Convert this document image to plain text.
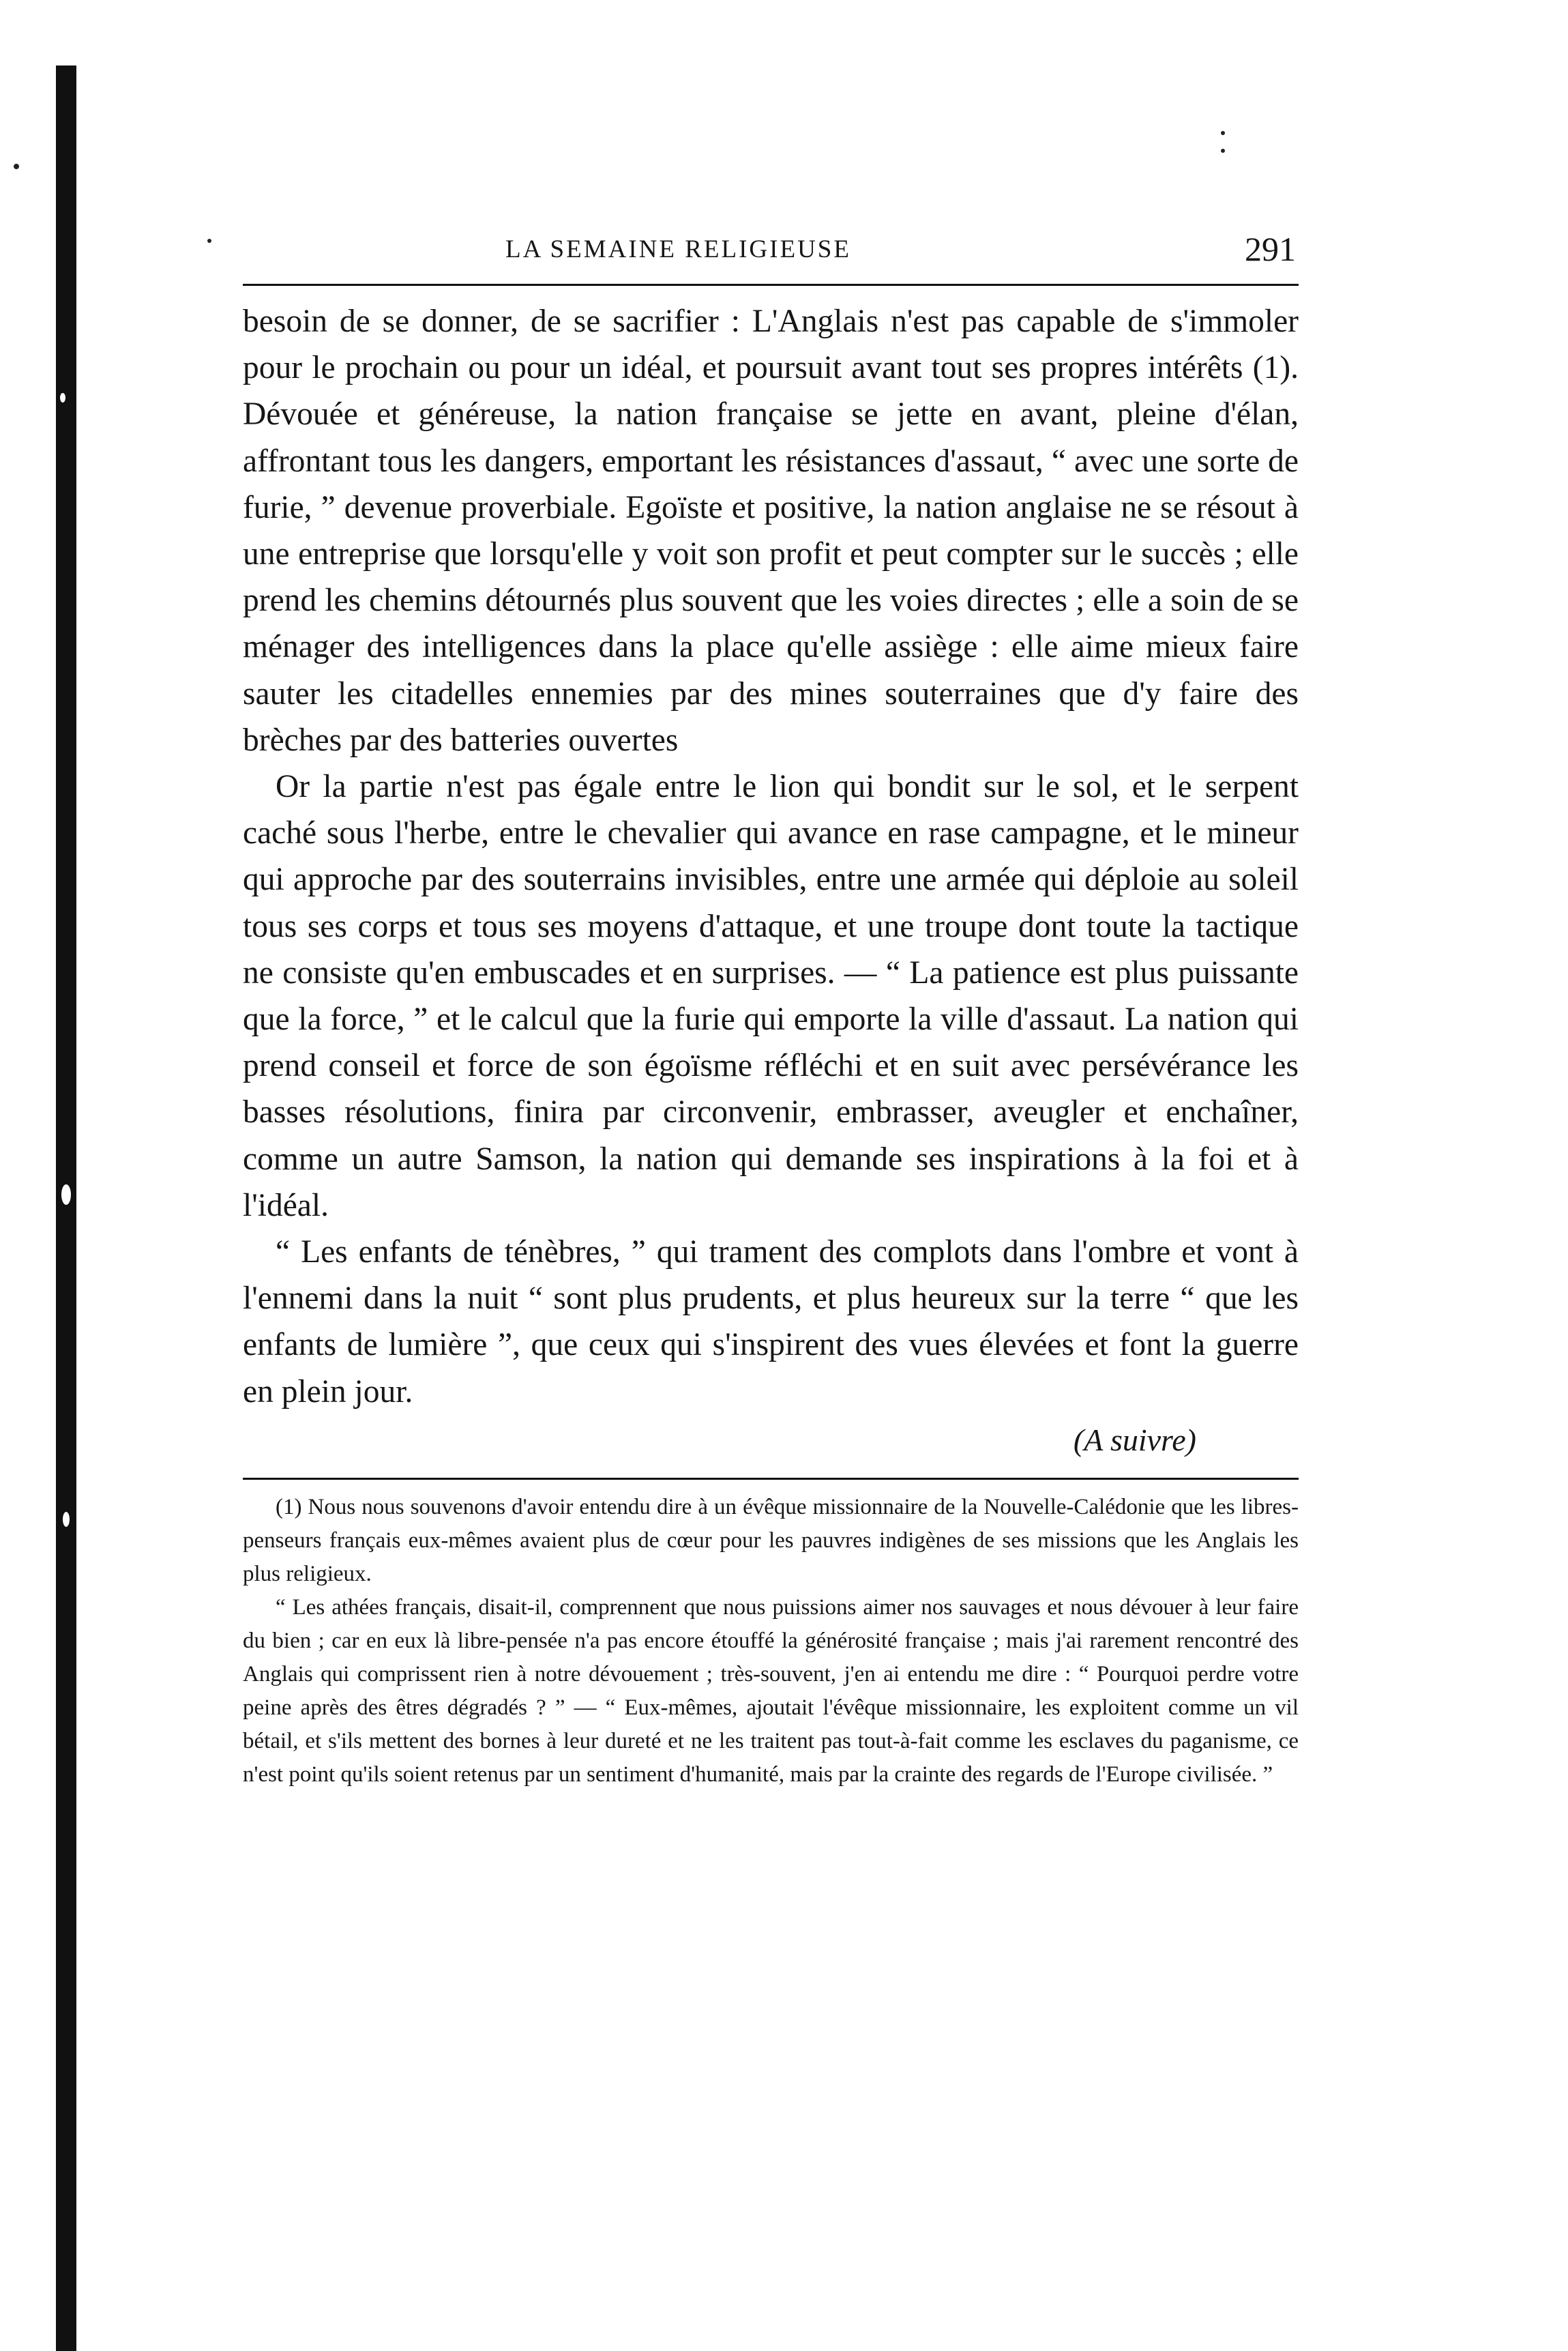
LA SEMAINE RELIGIEUSE	291

besoin de se donner, de se sacrifier : L'Anglais n'est pas capable de s'immoler pour le prochain ou pour un idéal, et poursuit avant tout ses propres intérêts (1). Dévouée et généreuse, la nation française se jette en avant, pleine d'élan, affrontant tous les dangers, emportant les résistances d'assaut, “ avec une sorte de furie, ” devenue proverbiale. Egoïste et positive, la nation anglaise ne se résout à une entreprise que lorsqu'elle y voit son profit et peut compter sur le succès ; elle prend les chemins détournés plus souvent que les voies directes ; elle a soin de se ménager des intelligences dans la place qu'elle assiège : elle aime mieux faire sauter les citadelles ennemies par des mines souterraines que d'y faire des brèches par des batteries ouvertes

Or la partie n'est pas égale entre le lion qui bondit sur le sol, et le serpent caché sous l'herbe, entre le chevalier qui avance en rase campagne, et le mineur qui approche par des souterrains invisibles, entre une armée qui déploie au soleil tous ses corps et tous ses moyens d'attaque, et une troupe dont toute la tactique ne consiste qu'en embuscades et en surprises. — “ La patience est plus puissante que la force, ” et le calcul que la furie qui emporte la ville d'assaut. La nation qui prend conseil et force de son égoïsme réfléchi et en suit avec persévérance les basses résolutions, finira par circonvenir, embrasser, aveugler et enchaîner, comme un autre Samson, la nation qui demande ses inspirations à la foi et à l'idéal.

“ Les enfants de ténèbres, ” qui trament des complots dans l'ombre et vont à l'ennemi dans la nuit “ sont plus prudents, et plus heureux sur la terre “ que les enfants de lumière ”, que ceux qui s'inspirent des vues élevées et font la guerre en plein jour.

(A suivre)

(1) Nous nous souvenons d'avoir entendu dire à un évêque missionnaire de la Nouvelle-Calédonie que les libres-penseurs français eux-mêmes avaient plus de cœur pour les pauvres indigènes de ses missions que les Anglais les plus religieux.

“ Les athées français, disait-il, comprennent que nous puissions aimer nos sauvages et nous dévouer à leur faire du bien ; car en eux là libre-pensée n'a pas encore étouffé la générosité française ; mais j'ai rarement rencontré des Anglais qui comprissent rien à notre dévouement ; très-souvent, j'en ai entendu me dire : “ Pourquoi perdre votre peine après des êtres dégradés ? ” — “ Eux-mêmes, ajoutait l'évêque missionnaire, les exploitent comme un vil bétail, et s'ils mettent des bornes à leur dureté et ne les traitent pas tout-à-fait comme les esclaves du paganisme, ce n'est point qu'ils soient retenus par un sentiment d'humanité, mais par la crainte des regards de l'Europe civilisée. ”
